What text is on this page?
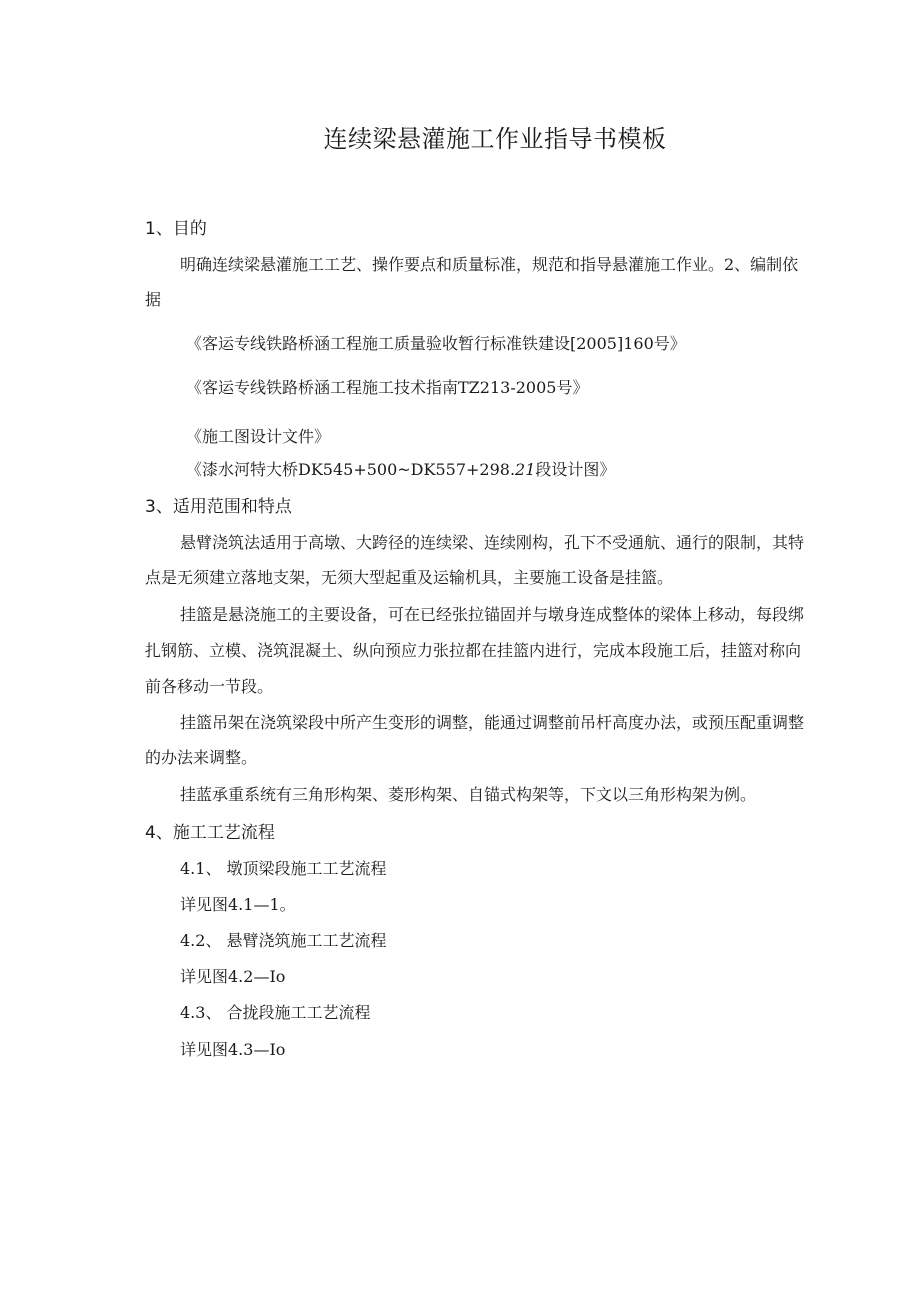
连续梁悬灌施工作业指导书模板
1、目的
明确连续梁悬灌施工工艺、操作要点和质量标准，规范和指导悬灌施工作业。2、编制依
据
《客运专线铁路桥涵工程施工质量验收暂行标准铁建设[2005]160号》
《客运专线铁路桥涵工程施工技术指南TZ213-2005号》
《施工图设计文件》
《漆水河特大桥DK545+500~DK557+298.21段设计图》
3、适用范围和特点
悬臂浇筑法适用于高墩、大跨径的连续梁、连续刚构，孔下不受通航、通行的限制，其特
点是无须建立落地支架，无须大型起重及运输机具，主要施工设备是挂篮。
挂篮是悬浇施工的主要设备，可在已经张拉锚固并与墩身连成整体的梁体上移动，每段绑
扎钢筋、立模、浇筑混凝土、纵向预应力张拉都在挂篮内进行，完成本段施工后，挂篮对称向
前各移动一节段。
挂篮吊架在浇筑梁段中所产生变形的调整，能通过调整前吊杆高度办法，或预压配重调整
的办法来调整。
挂蓝承重系统有三角形构架、菱形构架、自锚式构架等，下文以三角形构架为例。
4、施工工艺流程
4.1、 墩顶梁段施工工艺流程
详见图4.1—1。
4.2、 悬臂浇筑施工工艺流程
详见图4.2—Io
4.3、 合拢段施工工艺流程
详见图4.3—Io
